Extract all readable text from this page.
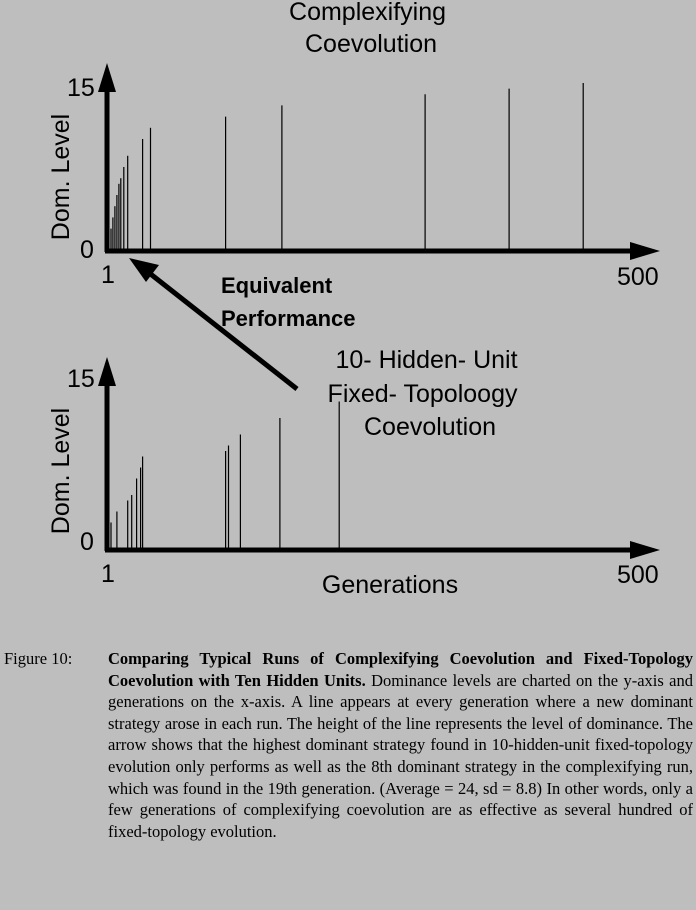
Complexifying Coevolution
Dom. Level
15
0
1	500
Equivalent Performance
10- Hidden- Unit Fixed- Topoloogy Coevolution
Dom. Level
15
0
1	500
Generations
Figure 10: Comparing Typical Runs of Complexifying Coevolution and Fixed-Topology Coevolution with Ten Hidden Units. Dominance levels are charted on the y-axis and generations on the x-axis. A line appears at every generation where a new dominant strategy arose in each run. The height of the line represents the level of dominance. The arrow shows that the highest dominant strategy found in 10-hidden-unit fixed-topology evolution only performs as well as the 8th dominant strategy in the complexifying run, which was found in the 19th generation. (Average = 24, sd = 8.8) In other words, only a few generations of complexifying coevolution are as effective as several hundred of fixed-topology evolution.
